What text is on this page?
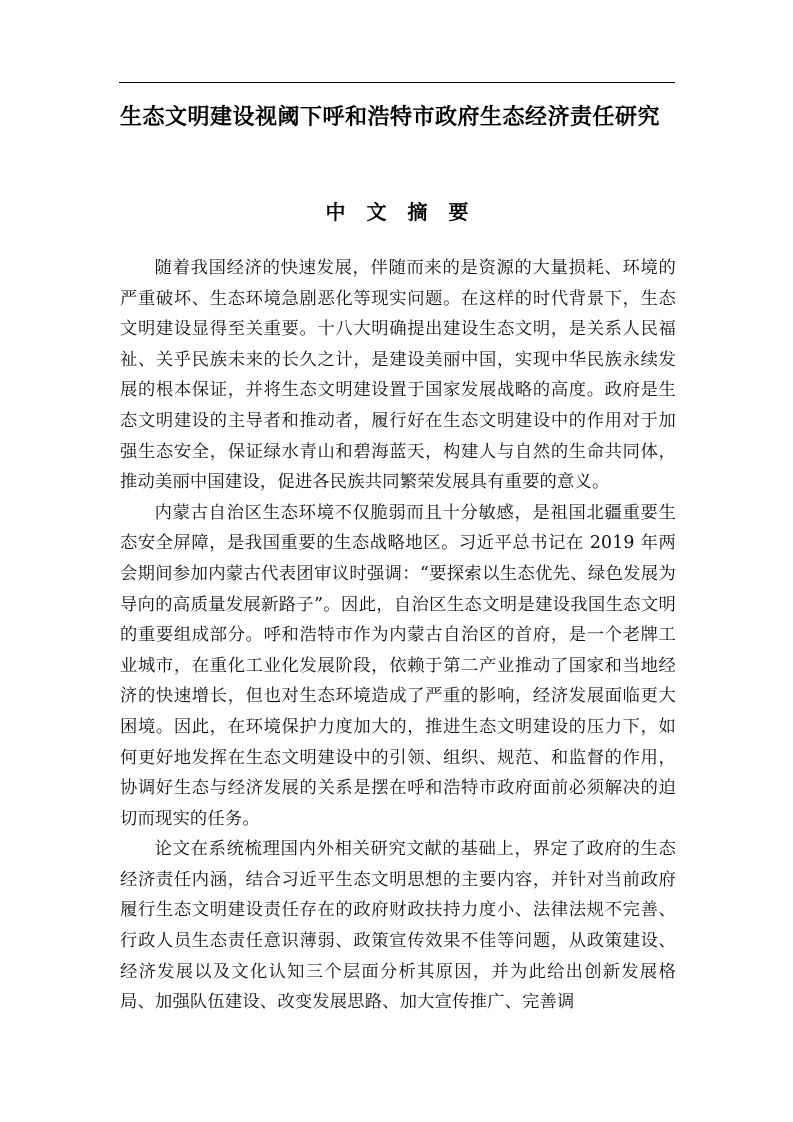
生态文明建设视阈下呼和浩特市政府生态经济责任研究
中 文 摘 要

随着我国经济的快速发展，伴随而来的是资源的大量损耗、环境的严重破坏、生态环境急剧恶化等现实问题。在这样的时代背景下，生态文明建设显得至关重要。十八大明确提出建设生态文明，是关系人民福祉、关乎民族未来的长久之计，是建设美丽中国，实现中华民族永续发展的根本保证，并将生态文明建设置于国家发展战略的高度。政府是生态文明建设的主导者和推动者，履行好在生态文明建设中的作用对于加强生态安全，保证绿水青山和碧海蓝天，构建人与自然的生命共同体，推动美丽中国建设，促进各民族共同繁荣发展具有重要的意义。

内蒙古自治区生态环境不仅脆弱而且十分敏感，是祖国北疆重要生态安全屏障，是我国重要的生态战略地区。习近平总书记在 2019 年两会期间参加内蒙古代表团审议时强调：“要探索以生态优先、绿色发展为导向的高质量发展新路子”。因此，自治区生态文明是建设我国生态文明的重要组成部分。呼和浩特市作为内蒙古自治区的首府，是一个老牌工业城市，在重化工业化发展阶段，依赖于第二产业推动了国家和当地经济的快速增长，但也对生态环境造成了严重的影响，经济发展面临更大困境。因此，在环境保护力度加大的，推进生态文明建设的压力下，如何更好地发挥在生态文明建设中的引领、组织、规范、和监督的作用，协调好生态与经济发展的关系是摆在呼和浩特市政府面前必须解决的迫切而现实的任务。

论文在系统梳理国内外相关研究文献的基础上，界定了政府的生态经济责任内涵，结合习近平生态文明思想的主要内容，并针对当前政府履行生态文明建设责任存在的政府财政扶持力度小、法律法规不完善、行政人员生态责任意识薄弱、政策宣传效果不佳等问题，从政策建设、经济发展以及文化认知三个层面分析其原因，并为此给出创新发展格局、加强队伍建设、改变发展思路、加大宣传推广、完善调
